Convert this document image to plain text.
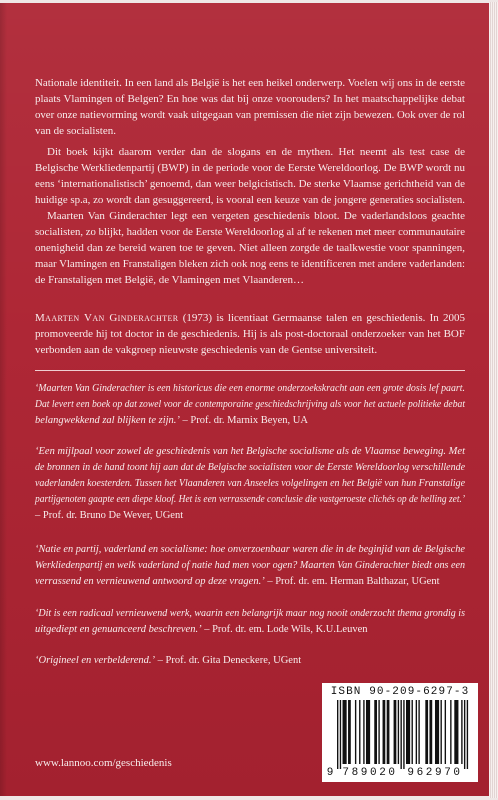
Nationale identiteit. In een land als België is het een heikel onderwerp. Voelen wij ons in de eerste
plaats Vlamingen of Belgen? En hoe was dat bij onze voorouders? In het maatschappelijke debat
over onze natievorming wordt vaak uitgegaan van premissen die niet zijn bewezen. Ook over de rol
van de socialisten.
Dit boek kijkt daarom verder dan de slogans en de mythen. Het neemt als test case de
Belgische Werkliedenpartij (BWP) in de periode voor de Eerste Wereldoorlog. De BWP wordt nu
eens ‘internationalistisch’ genoemd, dan weer belgicistisch. De sterke Vlaamse gerichtheid van de
huidige sp.a, zo wordt dan gesuggereerd, is vooral een keuze van de jongere generaties socialisten.
Maarten Van Ginderachter legt een vergeten geschiedenis bloot. De vaderlandsloos geachte
socialisten, zo blijkt, hadden voor de Eerste Wereldoorlog al af te rekenen met meer communautaire
onenigheid dan ze bereid waren toe te geven. Niet alleen zorgde de taalkwestie voor spanningen,
maar Vlamingen en Franstaligen bleken zich ook nog eens te identificeren met andere vaderlanden:
de Franstaligen met België, de Vlamingen met Vlaanderen…
Maarten Van Ginderachter (1973) is licentiaat Germaanse talen en geschiedenis. In 2005
promoveerde hij tot doctor in de geschiedenis. Hij is als post-doctoraal onderzoeker van het BOF
verbonden aan de vakgroep nieuwste geschiedenis van de Gentse universiteit.
‘Maarten Van Ginderachter is een historicus die een enorme onderzoekskracht aan een grote dosis lef paart.
Dat levert een boek op dat zowel voor de contemporaine geschiedschrijving als voor het actuele politieke debat
belangwekkend zal blijken te zijn.’ – Prof. dr. Marnix Beyen, UA
‘Een mijlpaal voor zowel de geschiedenis van het Belgische socialisme als de Vlaamse beweging. Met
de bronnen in de hand toont hij aan dat de Belgische socialisten voor de Eerste Wereldoorlog verschillende
vaderlanden koesterden. Tussen het Vlaanderen van Anseeles volgelingen en het België van hun Franstalige
partijgenoten gaapte een diepe kloof. Het is een verrassende conclusie die vastgeroeste clichés op de helling zet.’
– Prof. dr. Bruno De Wever, UGent
‘Natie en partij, vaderland en socialisme: hoe onverzoenbaar waren die in de beginjid van de Belgische
Werkliedenpartij en welk vaderland of natie had men voor ogen? Maarten Van Ginderachter biedt ons een
verrassend en vernieuwend antwoord op deze vragen.’ – Prof. dr. em. Herman Balthazar, UGent
‘Dit is een radicaal vernieuwend werk, waarin een belangrijk maar nog nooit onderzocht thema grondig is
uitgediept en genuanceerd beschreven.’ – Prof. dr. em. Lode Wils, K.U.Leuven
‘Origineel en verbelderend.’ – Prof. dr. Gita Deneckere, UGent
ISBN 90-209-6297-3
9 789020 962970
www.lannoo.com/geschiedenis
